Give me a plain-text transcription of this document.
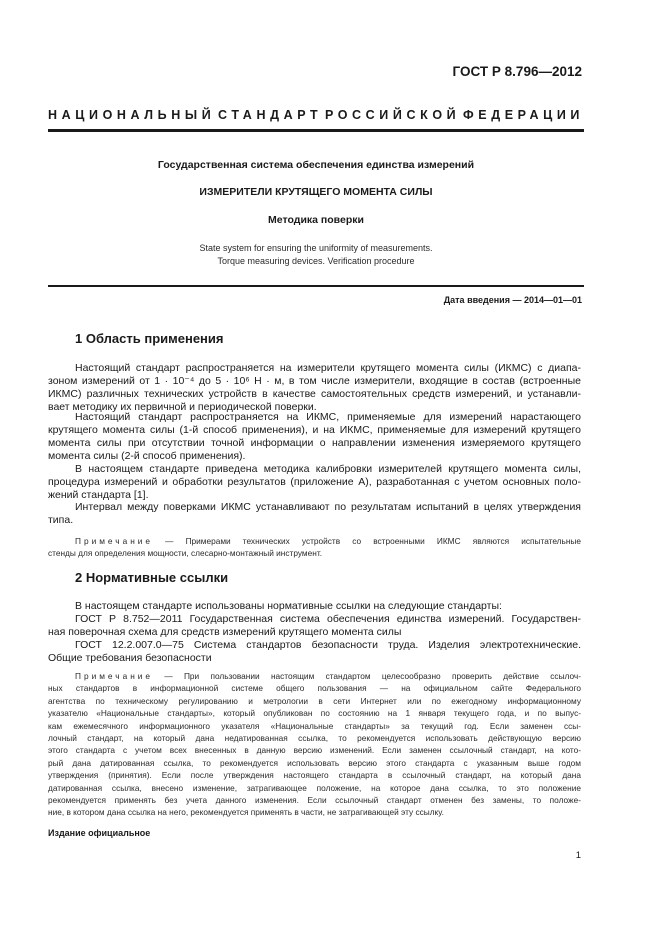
ГОСТ Р 8.796—2012
НАЦИОНАЛЬНЫЙ СТАНДАРТ РОССИЙСКОЙ ФЕДЕРАЦИИ
Государственная система обеспечения единства измерений
ИЗМЕРИТЕЛИ КРУТЯЩЕГО МОМЕНТА СИЛЫ
Методика поверки
State system for ensuring the uniformity of measurements.
Torque measuring devices. Verification procedure
Дата введения — 2014—01—01
1 Область применения
Настоящий стандарт распространяется на измерители крутящего момента силы (ИКМС) с диапа-
зоном измерений от 1 · 10⁻⁴ до 5 · 10⁶ Н · м, в том числе измерители, входящие в состав (встроенные
ИКМС) различных технических устройств в качестве самостоятельных средств измерений, и устанавли-
вает методику их первичной и периодической поверки.
Настоящий стандарт распространяется на ИКМС, применяемые для измерений нарастающего
крутящего момента силы (1-й способ применения), и на ИКМС, применяемые для измерений крутящего
момента силы при отсутствии точной информации о направлении изменения измеряемого крутящего
момента силы (2-й способ применения).
В настоящем стандарте приведена методика калибровки измерителей крутящего момента силы,
процедура измерений и обработки результатов (приложение А), разработанная с учетом основных поло-
жений стандарта [1].
Интервал между поверками ИКМС устанавливают по результатам испытаний в целях утверждения
типа.
Примечание — Примерами технических устройств со встроенными ИКМС являются испытательные
стенды для определения мощности, слесарно-монтажный инструмент.
2 Нормативные ссылки
В настоящем стандарте использованы нормативные ссылки на следующие стандарты:
ГОСТ Р 8.752—2011 Государственная система обеспечения единства измерений. Государствен-
ная поверочная схема для средств измерений крутящего момента силы
ГОСТ 12.2.007.0—75 Система стандартов безопасности труда. Изделия электротехнические.
Общие требования безопасности
Примечание — При пользовании настоящим стандартом целесообразно проверить действие ссылоч-
ных стандартов в информационной системе общего пользования — на официальном сайте Федерального
агентства по техническому регулированию и метрологии в сети Интернет или по ежегодному информационному
указателю «Национальные стандарты», который опубликован по состоянию на 1 января текущего года, и по выпус-
кам ежемесячного информационного указателя «Национальные стандарты» за текущий год. Если заменен ссы-
лочный стандарт, на который дана недатированная ссылка, то рекомендуется использовать действующую версию
этого стандарта с учетом всех внесенных в данную версию изменений. Если заменен ссылочный стандарт, на кото-
рый дана датированная ссылка, то рекомендуется использовать версию этого стандарта с указанным выше годом
утверждения (принятия). Если после утверждения настоящего стандарта в ссылочный стандарт, на который дана
датированная ссылка, внесено изменение, затрагивающее положение, на которое дана ссылка, то это положение
рекомендуется применять без учета данного изменения. Если ссылочный стандарт отменен без замены, то положе-
ние, в котором дана ссылка на него, рекомендуется применять в части, не затрагивающей эту ссылку.
Издание официальное
1
